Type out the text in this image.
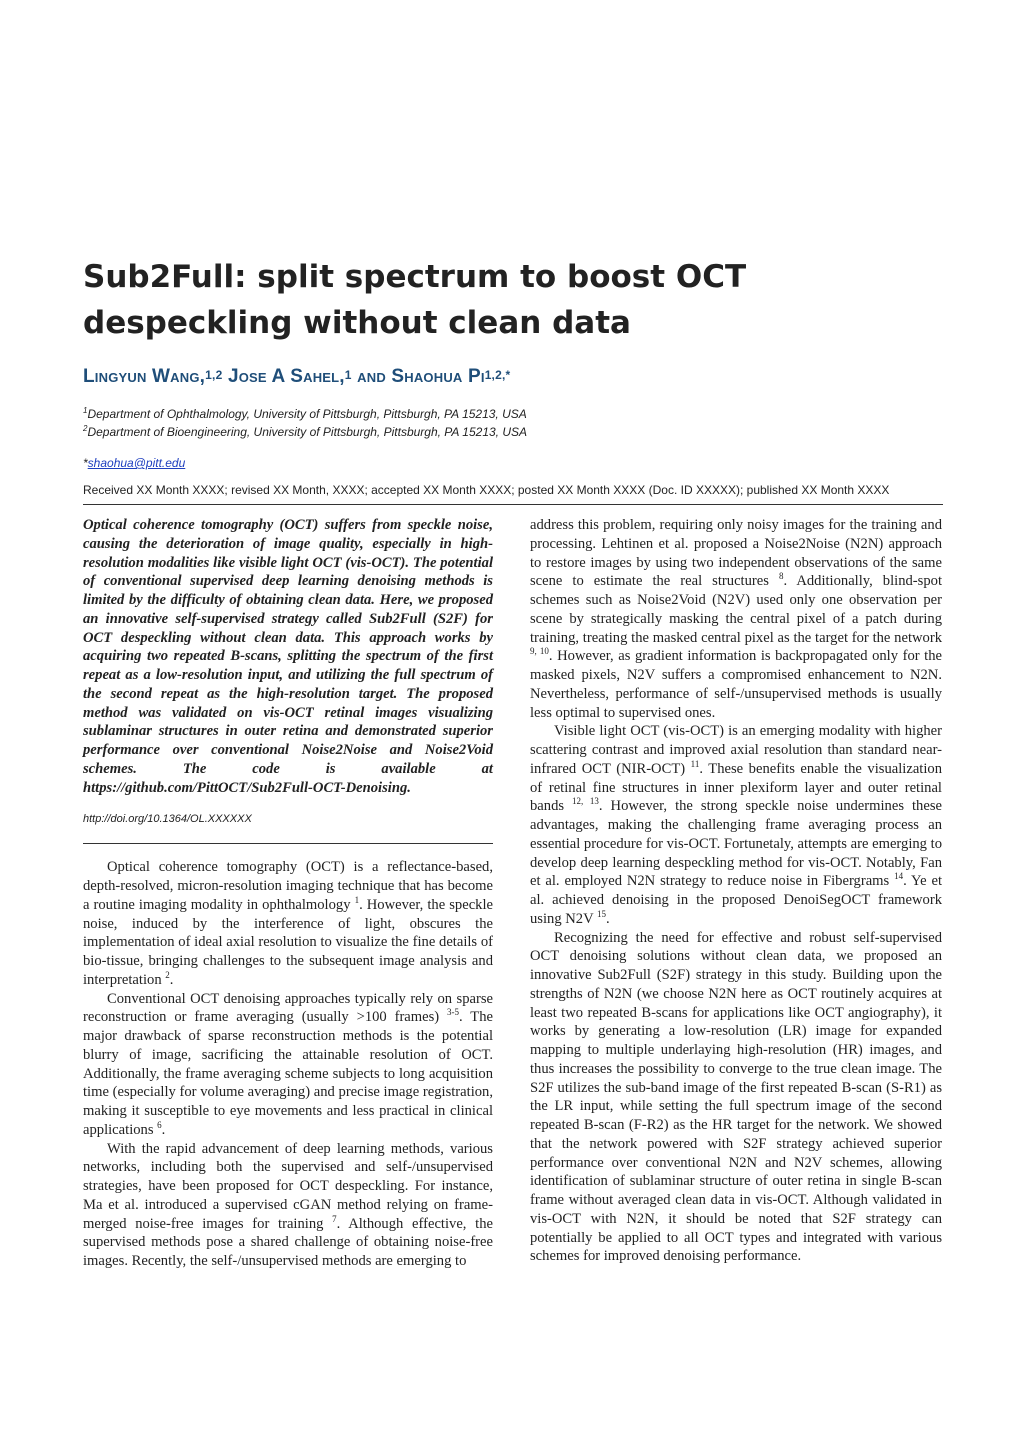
Sub2Full: split spectrum to boost OCT despeckling without clean data
Lingyun Wang,$^{1,2}$ Jose A Sahel,$^1$ and Shaohua $Pi^{1,2,*}$
$^1$Department of Ophthalmology, University of Pittsburgh, Pittsburgh, PA 15213, USA
$^2$Department of Bioengineering, University of Pittsburgh, Pittsburgh, PA 15213, USA
*shaohua@pitt.edu
Received XX Month XXXX; revised XX Month, XXXX; accepted XX Month XXXX; posted XX Month XXXX (Doc. ID XXXXX); published XX Month XXXX

Optical coherence tomography (OCT) suffers from speckle noise, causing the deterioration of image quality, especially in high-resolution modalities like visible light OCT (vis-OCT). The potential of conventional supervised deep learning denoising methods is limited by the difficulty of obtaining clean data. Here, we proposed an innovative self-supervised strategy called Sub2Full (S2F) for OCT despeckling without clean data. This approach works by acquiring two repeated B-scans, splitting the spectrum of the first repeat as a low-resolution input, and utilizing the full spectrum of the second repeat as the high-resolution target. The proposed method was validated on vis-OCT retinal images visualizing sublaminar structures in outer retina and demonstrated superior performance over conventional Noise2Noise and Noise2Void schemes. The code is available at https://github.com/PittOCT/Sub2Full-OCT-Denoising.

http://doi.org/10.1364/OL.XXXXXX

Optical coherence tomography (OCT) is a reflectance-based, depth-resolved, micron-resolution imaging technique that has become a routine imaging modality in ophthalmology $^1$. However, the speckle noise, induced by the interference of light, obscures the implementation of ideal axial resolution to visualize the fine details of bio-tissue, bringing challenges to the subsequent image analysis and interpretation $^2$.

Conventional OCT denoising approaches typically rely on sparse reconstruction or frame averaging (usually >100 frames) $^{3-5}$. The major drawback of sparse reconstruction methods is the potential blurry of image, sacrificing the attainable resolution of OCT. Additionally, the frame averaging scheme subjects to long acquisition time (especially for volume averaging) and precise image registration, making it susceptible to eye movements and less practical in clinical applications $^6$.

With the rapid advancement of deep learning methods, various networks, including both the supervised and self-/unsupervised strategies, have been proposed for OCT despeckling. For instance, Ma et al. introduced a supervised cGAN method relying on frame-merged noise-free images for training $^7$. Although effective, the supervised methods pose a shared challenge of obtaining noise-free images. Recently, the self-/unsupervised methods are emerging to

address this problem, requiring only noisy images for the training and processing. Lehtinen et al. proposed a Noise2Noise (N2N) approach to restore images by using two independent observations of the same scene to estimate the real structures $^8$. Additionally, blind-spot schemes such as Noise2Void (N2V) used only one observation per scene by strategically masking the central pixel of a patch during training, treating the masked central pixel as the target for the network $^{9, 10}$. However, as gradient information is backpropagated only for the masked pixels, N2V suffers a compromised enhancement to N2N. Nevertheless, performance of self-/unsupervised methods is usually less optimal to supervised ones.

Visible light OCT (vis-OCT) is an emerging modality with higher scattering contrast and improved axial resolution than standard near-infrared OCT (NIR-OCT) $^{11}$. These benefits enable the visualization of retinal fine structures in inner plexiform layer and outer retinal bands $^{12, 13}$. However, the strong speckle noise undermines these advantages, making the challenging frame averaging process an essential procedure for vis-OCT. Fortunetaly, attempts are emerging to develop deep learning despeckling method for vis-OCT. Notably, Fan et al. employed N2N strategy to reduce noise in Fibergrams $^{14}$. Ye et al. achieved denoising in the proposed DenoiSegOCT framework using N2V $^{15}$.

Recognizing the need for effective and robust self-supervised OCT denoising solutions without clean data, we proposed an innovative Sub2Full (S2F) strategy in this study. Building upon the strengths of N2N (we choose N2N here as OCT routinely acquires at least two repeated B-scans for applications like OCT angiography), it works by generating a low-resolution (LR) image for expanded mapping to multiple underlaying high-resolution (HR) images, and thus increases the possibility to converge to the true clean image. The S2F utilizes the sub-band image of the first repeated B-scan (S-R1) as the LR input, while setting the full spectrum image of the second repeated B-scan (F-R2) as the HR target for the network. We showed that the network powered with S2F strategy achieved superior performance over conventional N2N and N2V schemes, allowing identification of sublaminar structure of outer retina in single B-scan frame without averaged clean data in vis-OCT. Although validated in vis-OCT with N2N, it should be noted that S2F strategy can potentially be applied to all OCT types and integrated with various schemes for improved denoising performance.
